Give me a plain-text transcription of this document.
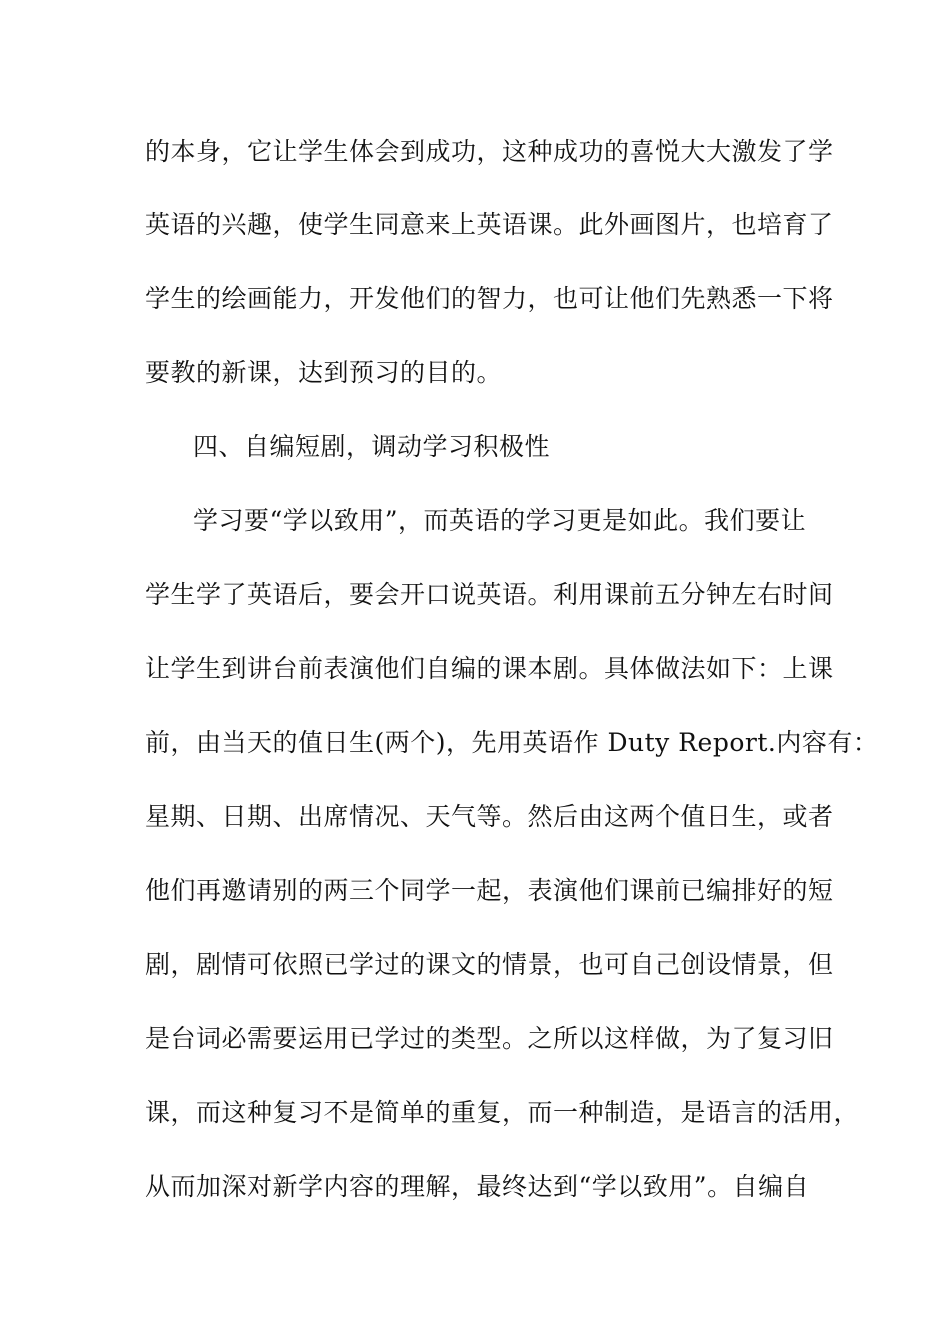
的本身，它让学生体会到成功，这种成功的喜悦大大激发了学
英语的兴趣，使学生同意来上英语课。此外画图片，也培育了
学生的绘画能力，开发他们的智力，也可让他们先熟悉一下将
要教的新课，达到预习的目的。
四、自编短剧，调动学习积极性
学习要“学以致用”，而英语的学习更是如此。我们要让
学生学了英语后，要会开口说英语。利用课前五分钟左右时间
让学生到讲台前表演他们自编的课本剧。具体做法如下：上课
前，由当天的值日生(两个)，先用英语作 Duty Report.内容有：
星期、日期、出席情况、天气等。然后由这两个值日生，或者
他们再邀请别的两三个同学一起，表演他们课前已编排好的短
剧，剧情可依照已学过的课文的情景，也可自己创设情景，但
是台词必需要运用已学过的类型。之所以这样做，为了复习旧
课，而这种复习不是简单的重复，而一种制造，是语言的活用，
从而加深对新学内容的理解，最终达到“学以致用”。自编自
